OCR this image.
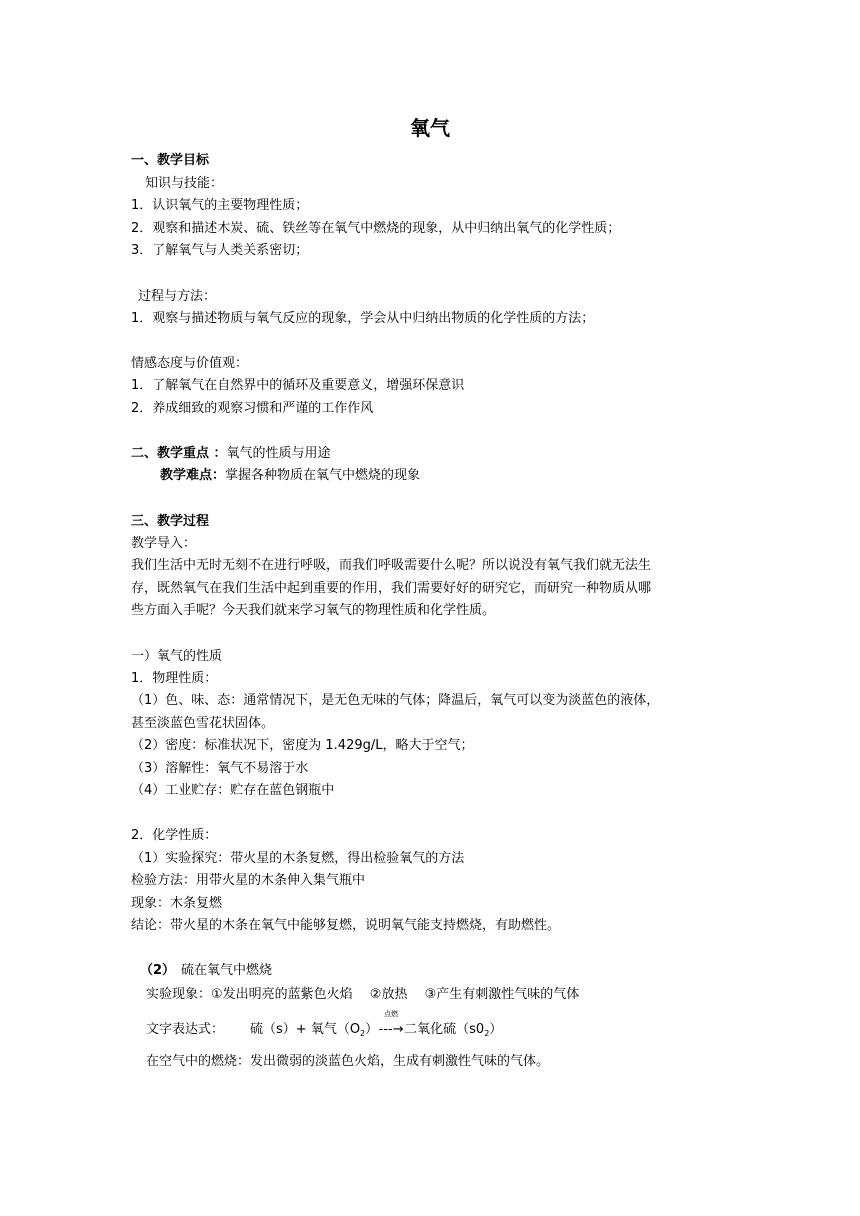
氧气
一、教学目标
知识与技能：
1．认识氧气的主要物理性质；
2．观察和描述木炭、硫、铁丝等在氧气中燃烧的现象，从中归纳出氧气的化学性质；
3．了解氧气与人类关系密切；
过程与方法：
1．观察与描述物质与氧气反应的现象，学会从中归纳出物质的化学性质的方法；
情感态度与价值观：
1．了解氧气在自然界中的循环及重要意义，增强环保意识
2．养成细致的观察习惯和严谨的工作作风
二、教学重点 ：氧气的性质与用途
教学难点：掌握各种物质在氧气中燃烧的现象
三、教学过程
教学导入：
我们生活中无时无刻不在进行呼吸，而我们呼吸需要什么呢？所以说没有氧气我们就无法生
存，既然氧气在我们生活中起到重要的作用，我们需要好好的研究它，而研究一种物质从哪
些方面入手呢？今天我们就来学习氧气的物理性质和化学性质。
一）氧气的性质
1．物理性质：
（1）色、味、态：通常情况下，是无色无味的气体；降温后，氧气可以变为淡蓝色的液体，
甚至淡蓝色雪花状固体。
（2）密度：标准状况下，密度为 1.429g/L，略大于空气；
（3）溶解性：氧气不易溶于水
（4）工业贮存：贮存在蓝色钢瓶中
2．化学性质：
（1）实验探究：带火星的木条复燃，得出检验氧气的方法
检验方法：用带火星的木条伸入集气瓶中
现象：木条复燃
结论：带火星的木条在氧气中能够复燃，说明氧气能支持燃烧，有助燃性。
（2） 硫在氧气中燃烧
实验现象：①发出明亮的蓝紫色火焰　 ②放热　 ③产生有刺激性气味的气体
文字表达式： 硫（s）+ 氧气$(O_2)$
点燃
---→二氧化硫$(s0_2)$
在空气中的燃烧：发出微弱的淡蓝色火焰，生成有刺激性气味的气体。
